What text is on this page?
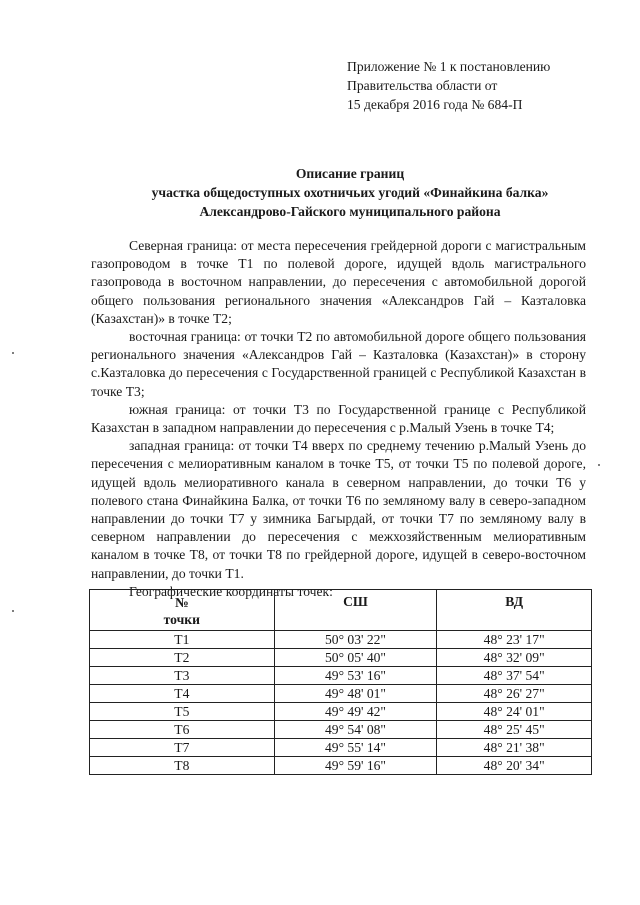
Приложение № 1 к постановлению
Правительства области от
15 декабря 2016 года № 684-П
Описание границ
участка общедоступных охотничьих угодий «Финайкина балка»
Александрово-Гайского муниципального района

Северная граница: от места пересечения грейдерной дороги с магистральным газопроводом в точке Т1 по полевой дороге, идущей вдоль магистрального газопровода в восточном направлении, до пересечения с автомобильной дорогой общего пользования регионального значения «Александров Гай – Казталовка (Казахстан)» в точке Т2;

восточная граница: от точки Т2 по автомобильной дороге общего пользования регионального значения «Александров Гай – Казталовка (Казахстан)» в сторону с.Казталовка до пересечения с Государственной границей с Республикой Казахстан в точке Т3;

южная граница: от точки Т3 по Государственной границе с Республикой Казахстан в западном направлении до пересечения с р.Малый Узень в точке Т4;

западная граница: от точки Т4 вверх по среднему течению р.Малый Узень до пересечения с мелиоративным каналом в точке Т5, от точки Т5 по полевой дороге, идущей вдоль мелиоративного канала в северном направлении, до точки Т6 у полевого стана Финайкина Балка, от точки Т6 по земляному валу в северо-западном направлении до точки Т7 у зимника Багырдай, от точки Т7 по земляному валу в северном направлении до пересечения с межхозяйственным мелиоративным каналом в точке Т8, от точки Т8 по грейдерной дороге, идущей в северо-восточном направлении, до точки Т1.

Географические координаты точек:

№
точки	СШ	ВД
Т1	50° 03' 22"	48° 23' 17"
Т2	50° 05' 40"	48° 32' 09"
Т3	49° 53' 16"	48° 37' 54"
Т4	49° 48' 01"	48° 26' 27"
Т5	49° 49' 42"	48° 24' 01"
Т6	49° 54' 08"	48° 25' 45"
Т7	49° 55' 14"	48° 21' 38"
Т8	49° 59' 16"	48° 20' 34"
